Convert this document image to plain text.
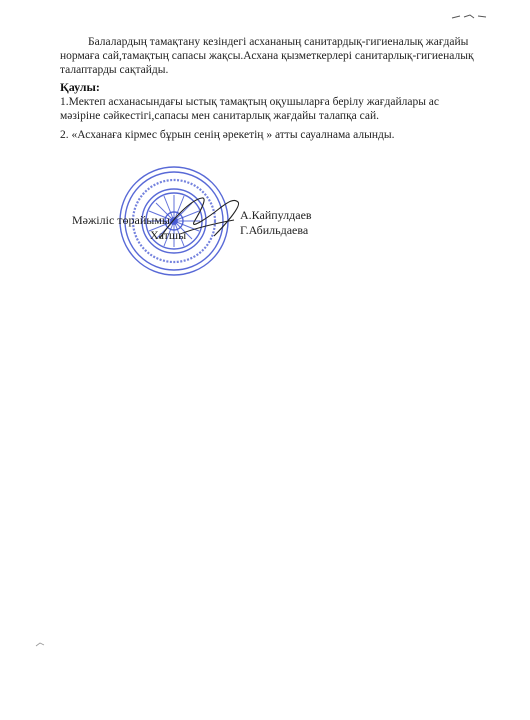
Балалардың тамақтану кезіндегі асхананың санитардық-гигиеналық жағдайы нормаға сай,тамақтың сапасы жақсы.Асхана қызметкерлері санитарлық-гигиеналық талаптарды сақтайды.
Қаулы:
1.Мектеп асханасындағы ыстық тамақтың оқушыларға берілу жағдайлары ас мәзіріне сәйкестігі,сапасы мен санитарлық жағдайы талапқа сай.
2. «Асханаға кірмес бұрын сенің әрекетің » атты сауалнама алынды.
Мәжіліс төрайымы
Хатшы
А.Кайпулдаев
Г.Абильдаева
